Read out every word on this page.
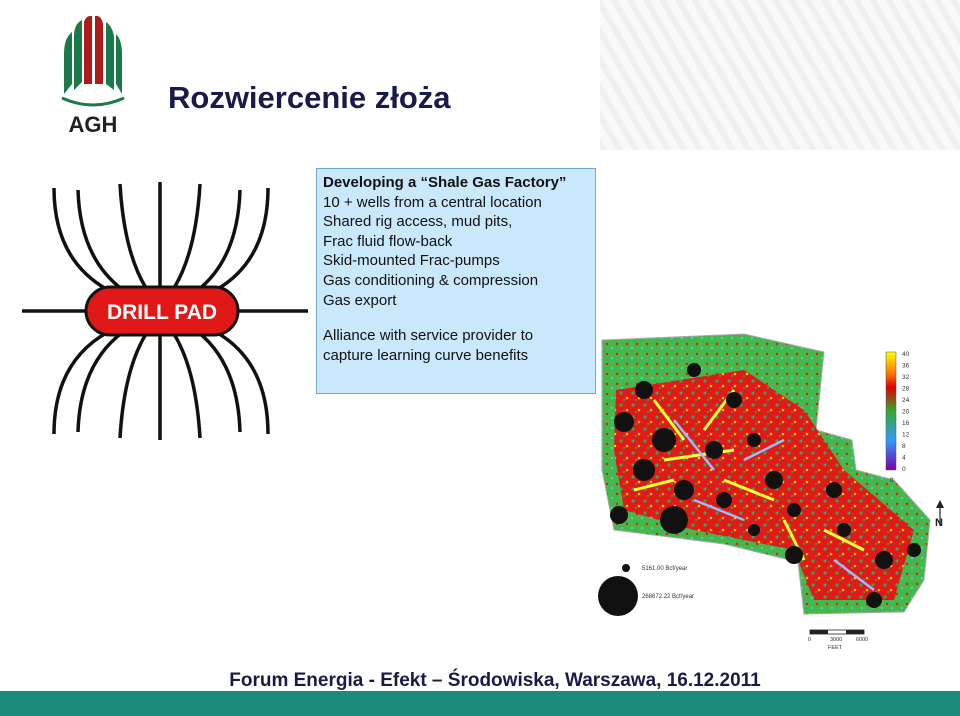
AGH
Rozwiercenie złoża
DRILL PAD

Developing a “Shale Gas Factory”

10 + wells from a central location

Shared rig access, mud pits,

Frac fluid flow-back

Skid-mounted Frac-pumps

Gas conditioning & compression

Gas export

Alliance with service provider to

capture learning curve benefits	40
36
32
28
24
20
16
12
8
4
0
ft
N
5161.00 Bcf/year
268672.22 Bcf/year
0	3000	6000
FEET

Forum Energia - Efekt – Środowiska, Warszawa, 16.12.2011
